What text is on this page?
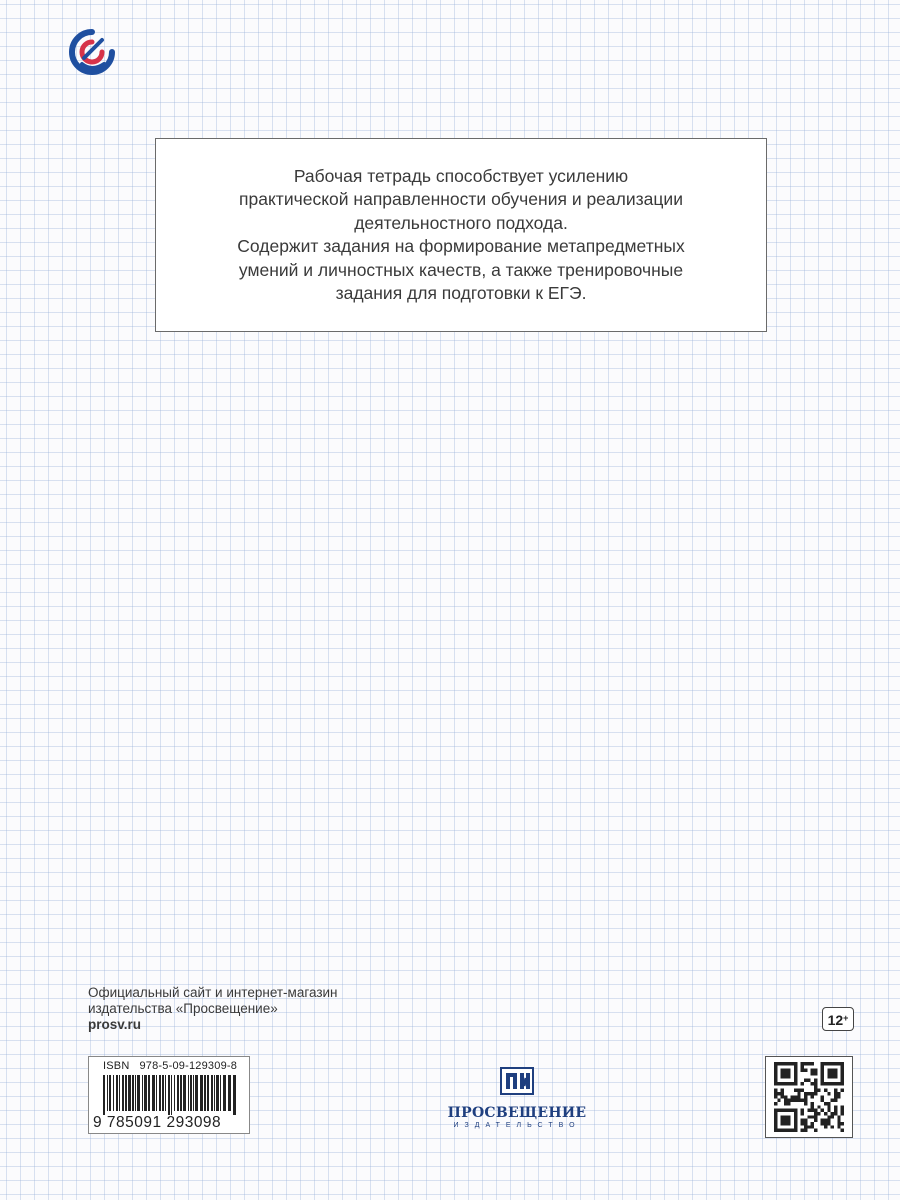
Рабочая тетрадь способствует усилению
практической направленности обучения и реализации
деятельностного подхода.
Содержит задания на формирование метапредметных
умений и личностных качеств, а также тренировочные
задания для подготовки к ЕГЭ.
Официальный сайт и интернет-магазин
издательства «Просвещение»
prosv.ru	12+
ISBN 978-5-09-129309-8
9 785091 293098
ПРОСВЕЩЕНИЕ
ИЗДАТЕЛЬСТВО
